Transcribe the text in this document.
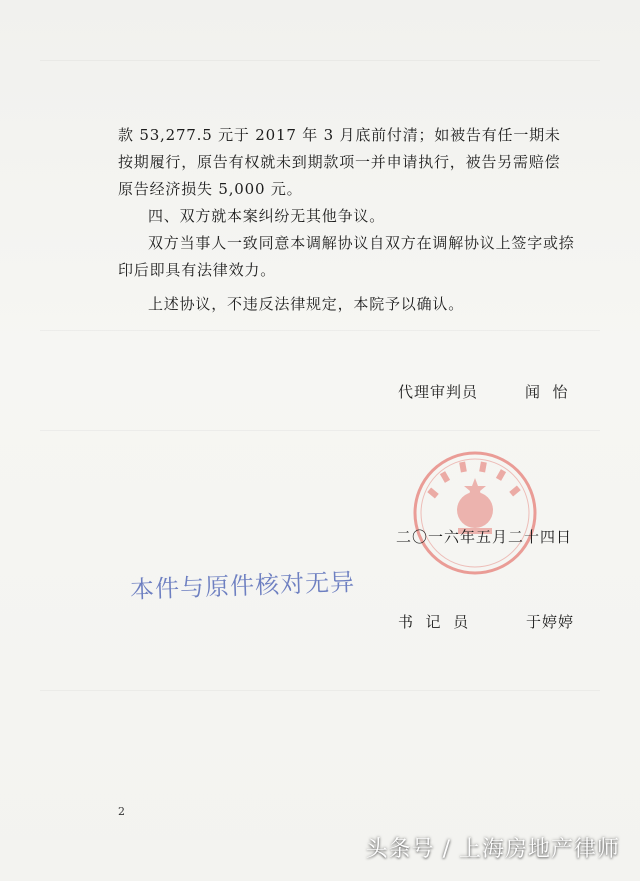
款 53,277.5 元于 2017 年 3 月底前付清；如被告有任一期未按期履行，原告有权就未到期款项一并申请执行，被告另需赔偿原告经济损失 5,000 元。

四、双方就本案纠纷无其他争议。

双方当事人一致同意本调解协议自双方在调解协议上签字或捺印后即具有法律效力。

上述协议，不违反法律规定，本院予以确认。

代理审判员	闻  怡
二〇一六年五月二十四日
本件与原件核对无异
书  记  员	于婷婷
2
头条号 / 上海房地产律师
